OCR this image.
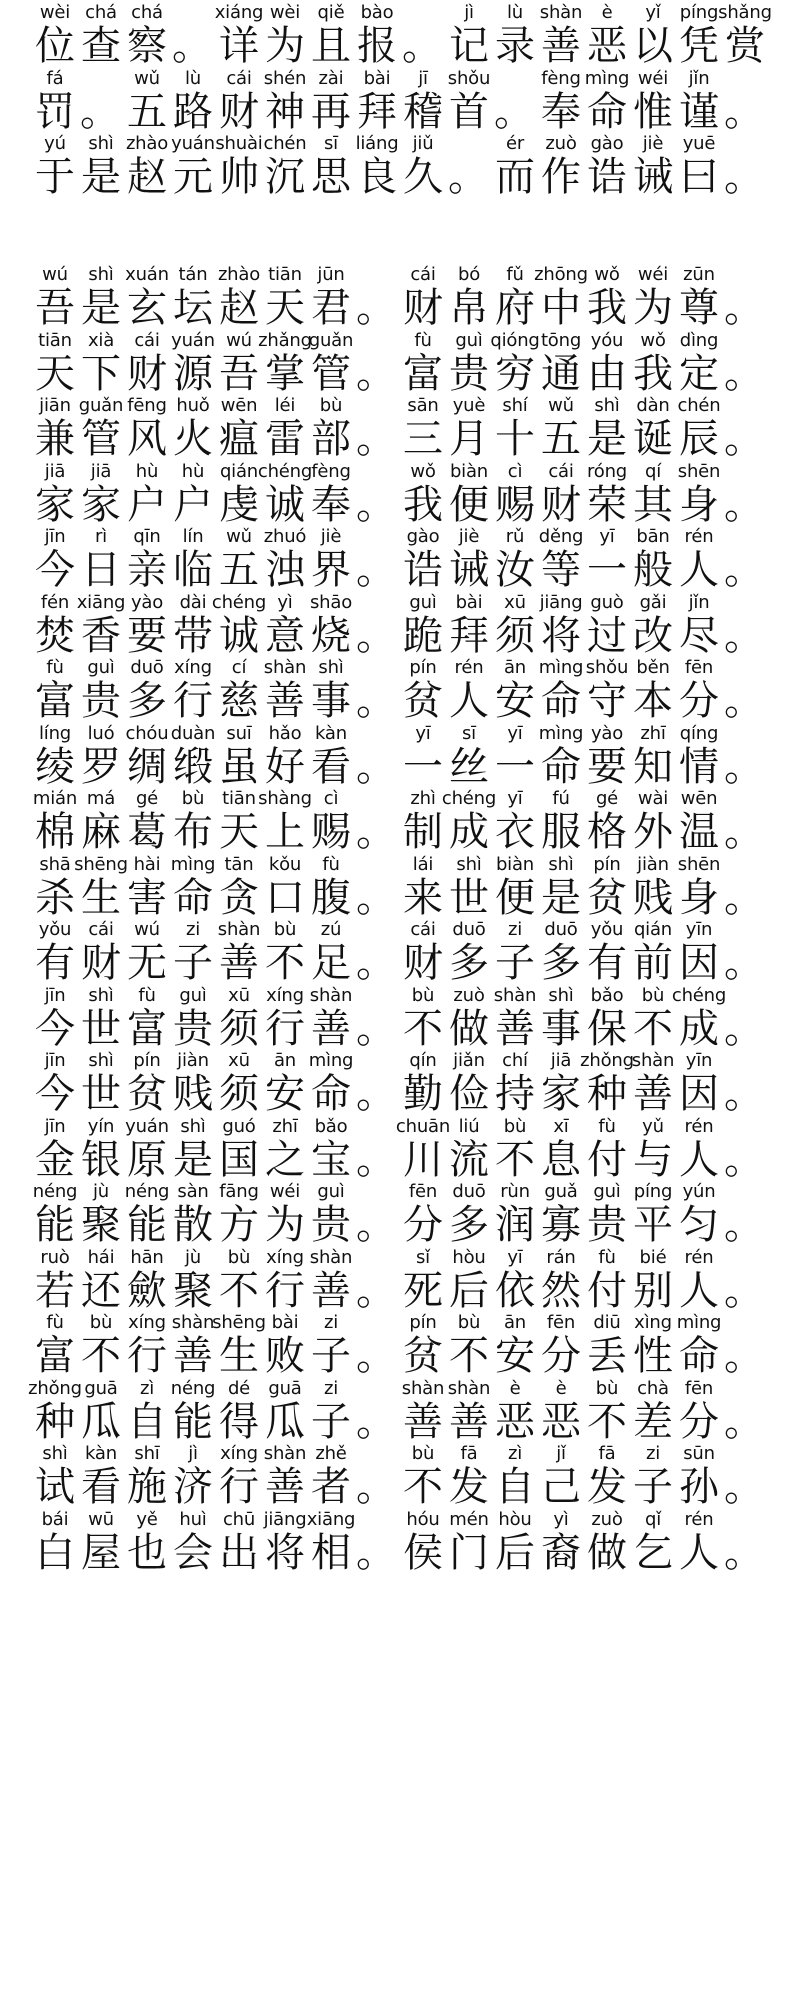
wèi
位
chá
查
chá
察 。
xiáng
详
wèi
为
qiě
且
bào
报 。
jì
记
lù
录
shàn
善
è
恶
yǐ
以
píng
凭
shǎng
赏
fá
罚 。
wǔ
五
lù
路
cái
财
shén
神
zài
再
bài
拜
jī
稽
shǒu
首 。
fèng
奉
mìng
命
wéi
惟
jǐn
谨 。
yú
于
shì
是
zhào
赵
yuán
元
shuài
帅
chén
沉
sī
思
liáng
良
jiǔ
久 。
ér
而
zuò
作
gào
诰
jiè
诫
yuē
曰 。
wú
吾
shì
是
xuán
玄
tán
坛
zhào
赵
tiān
天
jūn
君 。
cái
财
bó
帛
fǔ
府
zhōng
中
wǒ
我
wéi
为
zūn
尊 。
tiān
天
xià
下
cái
财
yuán
源
wú
吾
zhǎng
掌
guǎn
管 。
fù
富
guì
贵
qióng
穷
tōng
通
yóu
由
wǒ
我
dìng
定 。
jiān
兼
guǎn
管
fēng
风
huǒ
火
wēn
瘟
léi
雷
bù
部 。
sān
三
yuè
月
shí
十
wǔ
五
shì
是
dàn
诞
chén
辰 。
jiā
家
jiā
家
hù
户
hù
户
qián
虔
chéng
诚
fèng
奉 。
wǒ
我
biàn
便
cì
赐
cái
财
róng
荣
qí
其
shēn
身 。
jīn
今
rì
日
qīn
亲
lín
临
wǔ
五
zhuó
浊
jiè
界 。
gào
诰
jiè
诫
rǔ
汝
děng
等
yī
一
bān
般
rén
人 。
fén
焚
xiāng
香
yào
要
dài
带
chéng
诚
yì
意
shāo
烧 。
guì
跪
bài
拜
xū
须
jiāng
将
guò
过
gǎi
改
jǐn
尽 。
fù
富
guì
贵
duō
多
xíng
行
cí
慈
shàn
善
shì
事 。
pín
贫
rén
人
ān
安
mìng
命
shǒu
守
běn
本
fēn
分 。
líng
绫
luó
罗
chóu
绸
duàn
缎
suī
虽
hǎo
好
kàn
看 。
yī
一
sī
丝
yī
一
mìng
命
yào
要
zhī
知
qíng
情 。
mián
棉
má
麻
gé
葛
bù
布
tiān
天
shàng
上
cì
赐 。
zhì
制
chéng
成
yī
衣
fú
服
gé
格
wài
外
wēn
温 。
shā
杀
shēng
生
hài
害
mìng
命
tān
贪
kǒu
口
fù
腹 。
lái
来
shì
世
biàn
便
shì
是
pín
贫
jiàn
贱
shēn
身 。
yǒu
有
cái
财
wú
无
zi
子
shàn
善
bù
不
zú
足 。
cái
财
duō
多
zi
子
duō
多
yǒu
有
qián
前
yīn
因 。
jīn
今
shì
世
fù
富
guì
贵
xū
须
xíng
行
shàn
善 。
bù
不
zuò
做
shàn
善
shì
事
bǎo
保
bù
不
chéng
成 。
jīn
今
shì
世
pín
贫
jiàn
贱
xū
须
ān
安
mìng
命 。
qín
勤
jiǎn
俭
chí
持
jiā
家
zhǒng
种
shàn
善
yīn
因 。
jīn
金
yín
银
yuán
原
shì
是
guó
国
zhī
之
bǎo
宝 。
chuān
川
liú
流
bù
不
xī
息
fù
付
yǔ
与
rén
人 。
néng
能
jù
聚
néng
能
sàn
散
fāng
方
wéi
为
guì
贵 。
fēn
分
duō
多
rùn
润
guǎ
寡
guì
贵
píng
平
yún
匀 。
ruò
若
hái
还
hān
歛
jù
聚
bù
不
xíng
行
shàn
善 。
sǐ
死
hòu
后
yī
依
rán
然
fù
付
bié
别
rén
人 。
fù
富
bù
不
xíng
行
shàn
善
shēng
生
bài
败
zi
子 。
pín
贫
bù
不
ān
安
fēn
分
diū
丢
xìng
性
mìng
命 。
zhǒng
种
guā
瓜
zì
自
néng
能
dé
得
guā
瓜
zi
子 。
shàn
善
shàn
善
è
恶
è
恶
bù
不
chà
差
fēn
分 。
shì
试
kàn
看
shī
施
jì
济
xíng
行
shàn
善
zhě
者 。
bù
不
fā
发
zì
自
jǐ
己
fā
发
zi
子
sūn
孙 。
bái
白
wū
屋
yě
也
huì
会
chū
出
jiāng
将
xiāng
相 。
hóu
侯
mén
门
hòu
后
yì
裔
zuò
做
qǐ
乞
rén
人 。
